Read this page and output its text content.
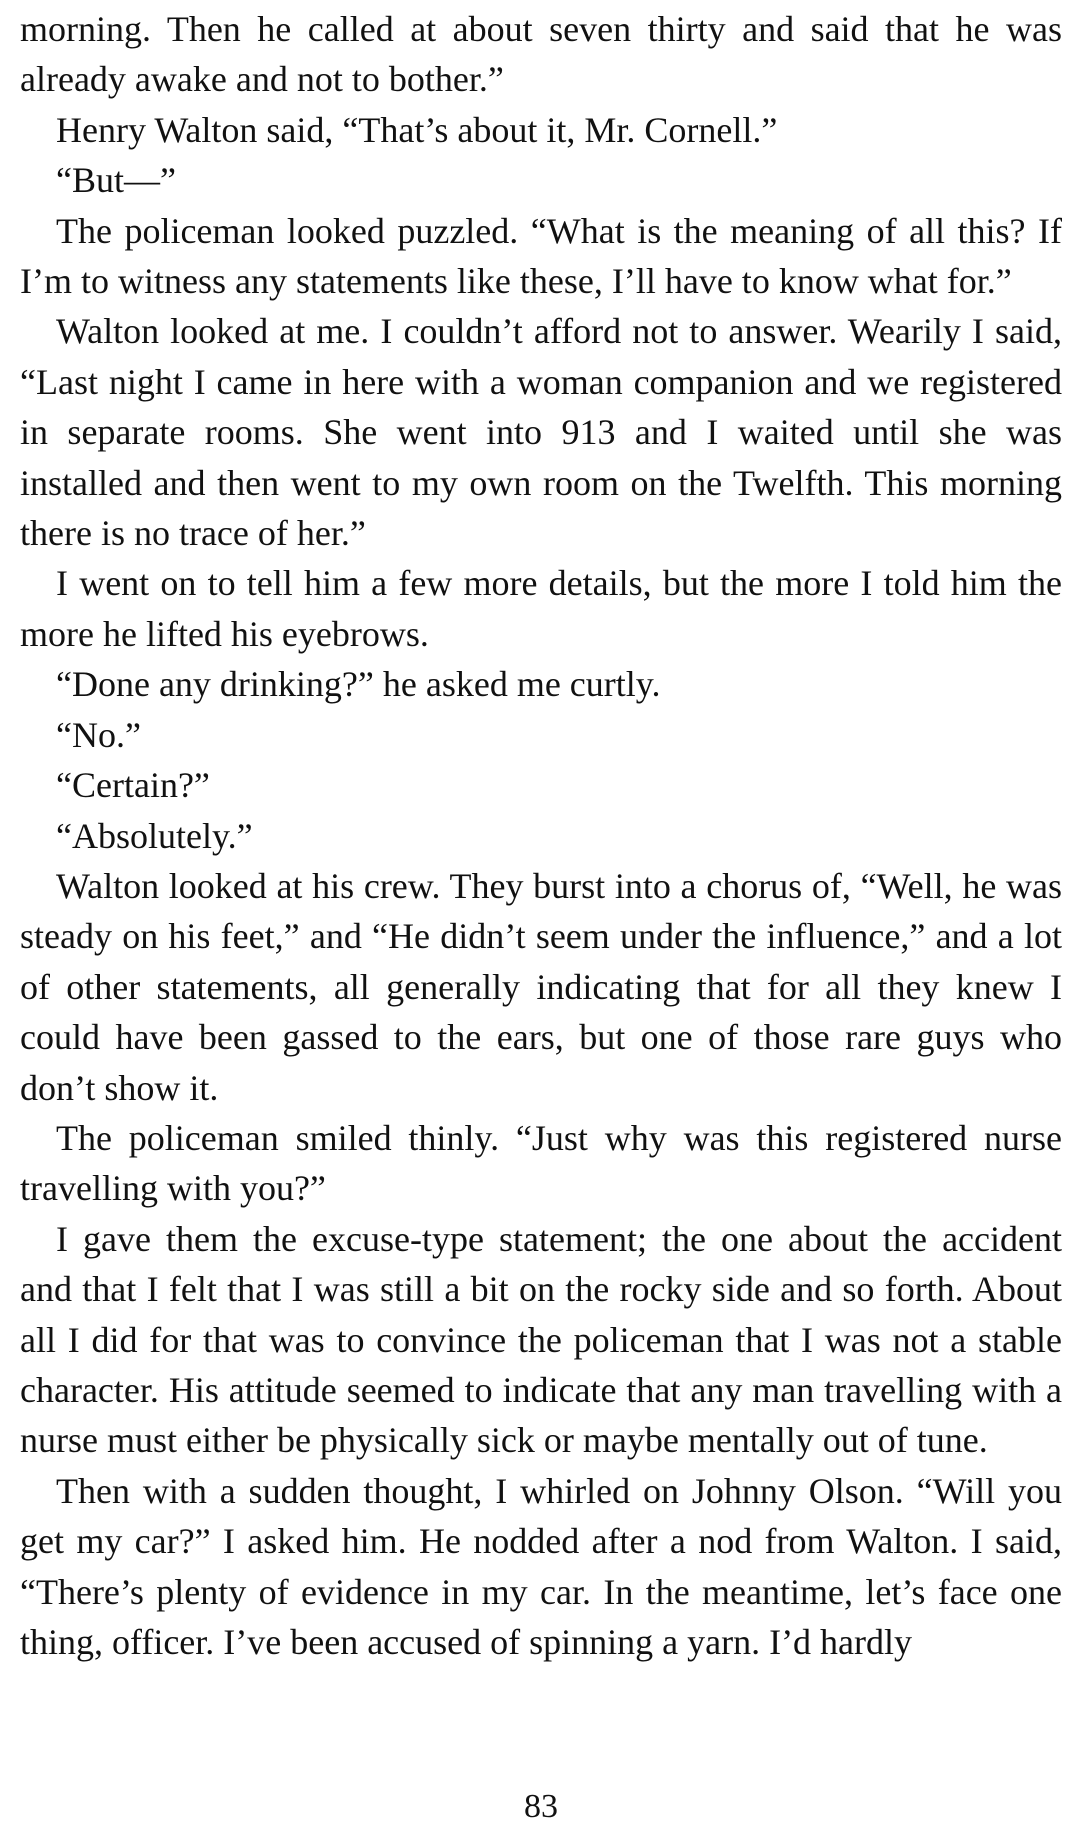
morning. Then he called at about seven thirty and said that he was already awake and not to bother.”

Henry Walton said, “That’s about it, Mr. Cornell.”

“But—”

The policeman looked puzzled. “What is the meaning of all this? If I’m to witness any statements like these, I’ll have to know what for.”

Walton looked at me. I couldn’t afford not to answer. Wearily I said, “Last night I came in here with a woman companion and we registered in separate rooms. She went into 913 and I waited until she was installed and then went to my own room on the Twelfth. This morning there is no trace of her.”

I went on to tell him a few more details, but the more I told him the more he lifted his eyebrows.

“Done any drinking?” he asked me curtly.

“No.”

“Certain?”

“Absolutely.”

Walton looked at his crew. They burst into a chorus of, “Well, he was steady on his feet,” and “He didn’t seem under the influence,” and a lot of other statements, all generally indicating that for all they knew I could have been gassed to the ears, but one of those rare guys who don’t show it.

The policeman smiled thinly. “Just why was this registered nurse travelling with you?”

I gave them the excuse-type statement; the one about the accident and that I felt that I was still a bit on the rocky side and so forth. About all I did for that was to convince the policeman that I was not a stable character. His attitude seemed to indicate that any man travelling with a nurse must either be physically sick or maybe mentally out of tune.

Then with a sudden thought, I whirled on Johnny Olson. “Will you get my car?” I asked him. He nodded after a nod from Walton. I said, “There’s plenty of evidence in my car. In the meantime, let’s face one thing, officer. I’ve been accused of spinning a yarn. I’d hardly

83
